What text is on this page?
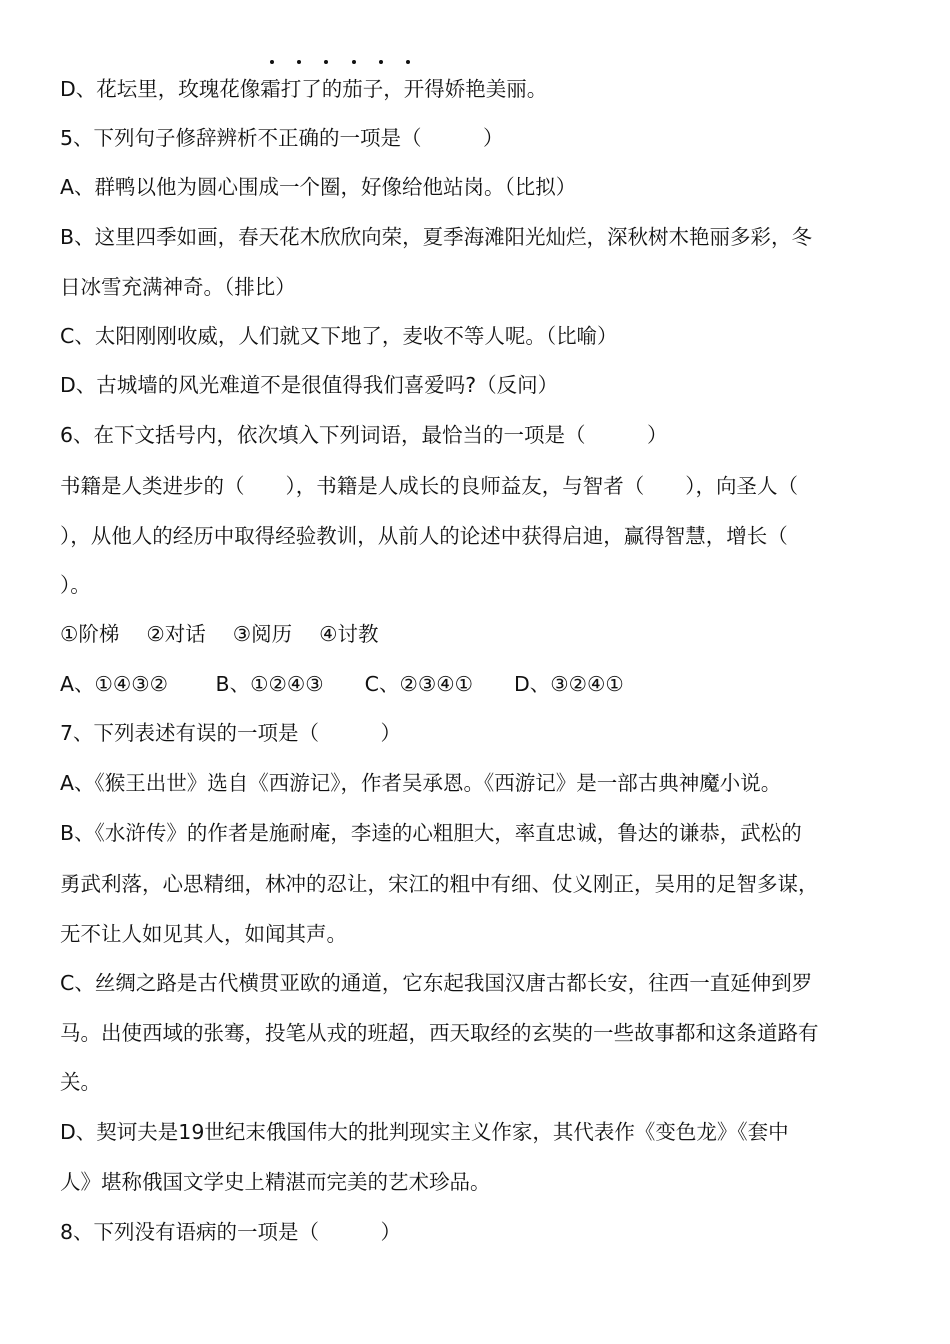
D、花坛里，玫瑰花像霜打了的茄子，开得娇艳美丽。
5、下列句子修辞辨析不正确的一项是（　　　）
A、群鸭以他为圆心围成一个圈，好像给他站岗。（比拟）
B、这里四季如画，春天花木欣欣向荣，夏季海滩阳光灿烂，深秋树木艳丽多彩，冬
日冰雪充满神奇。（排比）
C、太阳刚刚收威，人们就又下地了，麦收不等人呢。（比喻）
D、古城墙的风光难道不是很值得我们喜爱吗?（反问）
6、在下文括号内，依次填入下列词语，最恰当的一项是（　　　）
书籍是人类进步的（　　），书籍是人成长的良师益友，与智者（　　），向圣人（
），从他人的经历中取得经验教训，从前人的论述中获得启迪，赢得智慧，增长（
）。
①阶梯　 ②对话　 ③阅历　 ④讨教
A、①④③②　　 B、①②④③　　C、②③④①　　D、③②④①
7、下列表述有误的一项是（　　　）
A、《猴王出世》选自《西游记》，作者吴承恩。《西游记》是一部古典神魔小说。
B、《水浒传》的作者是施耐庵，李逵的心粗胆大，率直忠诚，鲁达的谦恭，武松的
勇武利落，心思精细，林冲的忍让，宋江的粗中有细、仗义刚正，吴用的足智多谋，
无不让人如见其人，如闻其声。
C、丝绸之路是古代横贯亚欧的通道，它东起我国汉唐古都长安，往西一直延伸到罗
马。出使西域的张骞，投笔从戎的班超，西天取经的玄奘的一些故事都和这条道路有
关。
D、契诃夫是19世纪末俄国伟大的批判现实主义作家，其代表作《变色龙》《套中
人》堪称俄国文学史上精湛而完美的艺术珍品。
8、下列没有语病的一项是（　　　）
